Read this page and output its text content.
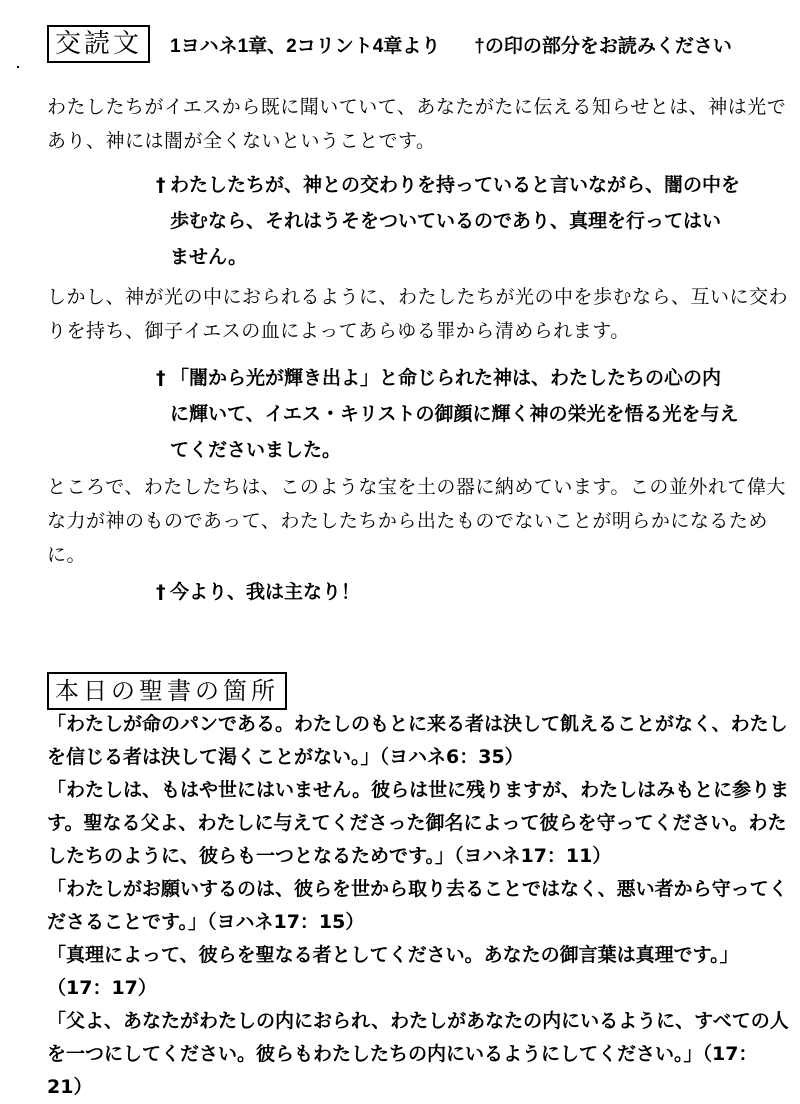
交読文	1ヨハネ1章、2コリント4章より †の印の部分をお読みください
わたしたちがイエスから既に聞いていて、あなたがたに伝える知らせとは、神は光であり、神には闇が全くないということです。
† わたしたちが、神との交わりを持っていると言いながら、闇の中を
歩むなら、それはうそをついているのであり、真理を行ってはい
ません。
しかし、神が光の中におられるように、わたしたちが光の中を歩むなら、互いに交わりを持ち、御子イエスの血によってあらゆる罪から清められます。
† 「闇から光が輝き出よ」と命じられた神は、わたしたちの心の内
に輝いて、イエス・キリストの御顔に輝く神の栄光を悟る光を与え
てくださいました。
ところで、わたしたちは、このような宝を土の器に納めています。この並外れて偉大な力が神のものであって、わたしたちから出たものでないことが明らかになるために。
† 今より、我は主なり！
本日の聖書の箇所

「わたしが命のパンである。わたしのもとに来る者は決して飢えることがなく、わたしを信じる者は決して渇くことがない。」（ヨハネ6：35）

「わたしは、もはや世にはいません。彼らは世に残りますが、わたしはみもとに参ります。聖なる父よ、わたしに与えてくださった御名によって彼らを守ってください。わたしたちのように、彼らも一つとなるためです。」（ヨハネ17：11）

「わたしがお願いするのは、彼らを世から取り去ることではなく、悪い者から守ってくださることです。」（ヨハネ17：15）

「真理によって、彼らを聖なる者としてください。あなたの御言葉は真理です。」（17：17）

「父よ、あなたがわたしの内におられ、わたしがあなたの内にいるように、すべての人を一つにしてください。彼らもわたしたちの内にいるようにしてください。」（17：21）
